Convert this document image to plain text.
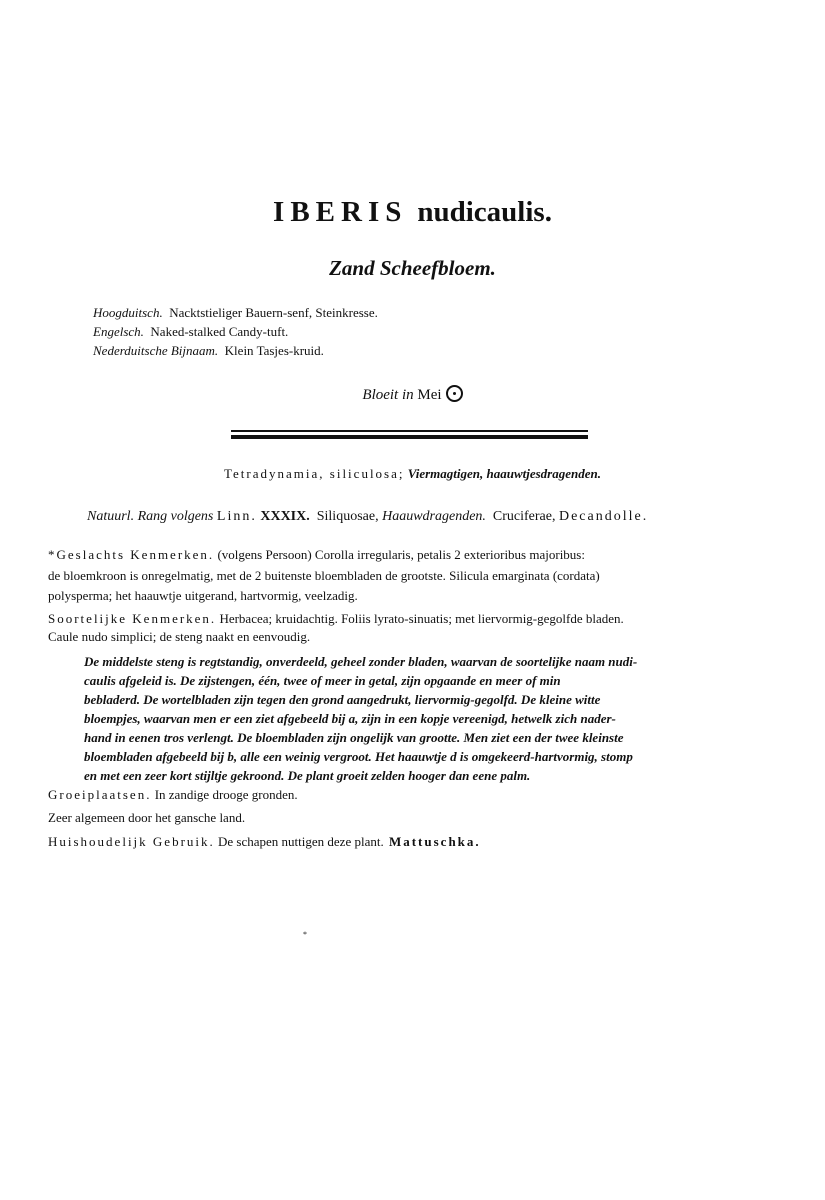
IBERIS nudicaulis.
Zand Scheefbloem.
Hoogduitsch. Nacktstieliger Bauern-senf, Steinkresse.
Engelsch. Naked-stalked Candy-tuft.
Nederduitsche Bijnaam. Klein Tasjes-kruid.
Bloeit in Mei
Tetradynamia, siliculosa; Viermagtigen, haauwtjesdragenden.
Natuurl. Rang volgens Linn. XXXIX. Siliquosae, Haauwdragenden. Cruciferae, Decandolle.
*Geslachts Kenmerken. (volgens Persoon) Corolla irregularis, petalis 2 exterioribus majoribus:
de bloemkroon is onregelmatig, met de 2 buitenste bloembladen de grootste. Silicula emarginata (cordata)
polysperma; het haauwtje uitgerand, hartvormig, veelzadig.
Soortelijke Kenmerken. Herbacea; kruidachtig. Foliis lyrato-sinuatis; met liervormig-gegolfde bladen.
Caule nudo simplici; de steng naakt en eenvoudig.

De middelste steng is regtstandig, onverdeeld, geheel zonder bladen, waarvan de soortelijke naam nudi-

caulis afgeleid is. De zijstengen, één, twee of meer in getal, zijn opgaande en meer of min

bebladerd. De wortelbladen zijn tegen den grond aangedrukt, liervormig-gegolfd. De kleine witte

bloempjes, waarvan men er een ziet afgebeeld bij a, zijn in een kopje vereenigd, hetwelk zich nader-

hand in eenen tros verlengt. De bloembladen zijn ongelijk van grootte. Men ziet een der twee kleinste

bloembladen afgebeeld bij b, alle een weinig vergroot. Het haauwtje d is omgekeerd-hartvormig, stomp

en met een zeer kort stijltje gekroond. De plant groeit zelden hooger dan eene palm.

Groeiplaatsen. In zandige drooge gronden.
Zeer algemeen door het gansche land.
Huishoudelijk Gebruik. De schapen nuttigen deze plant. Mattuschka.
*
